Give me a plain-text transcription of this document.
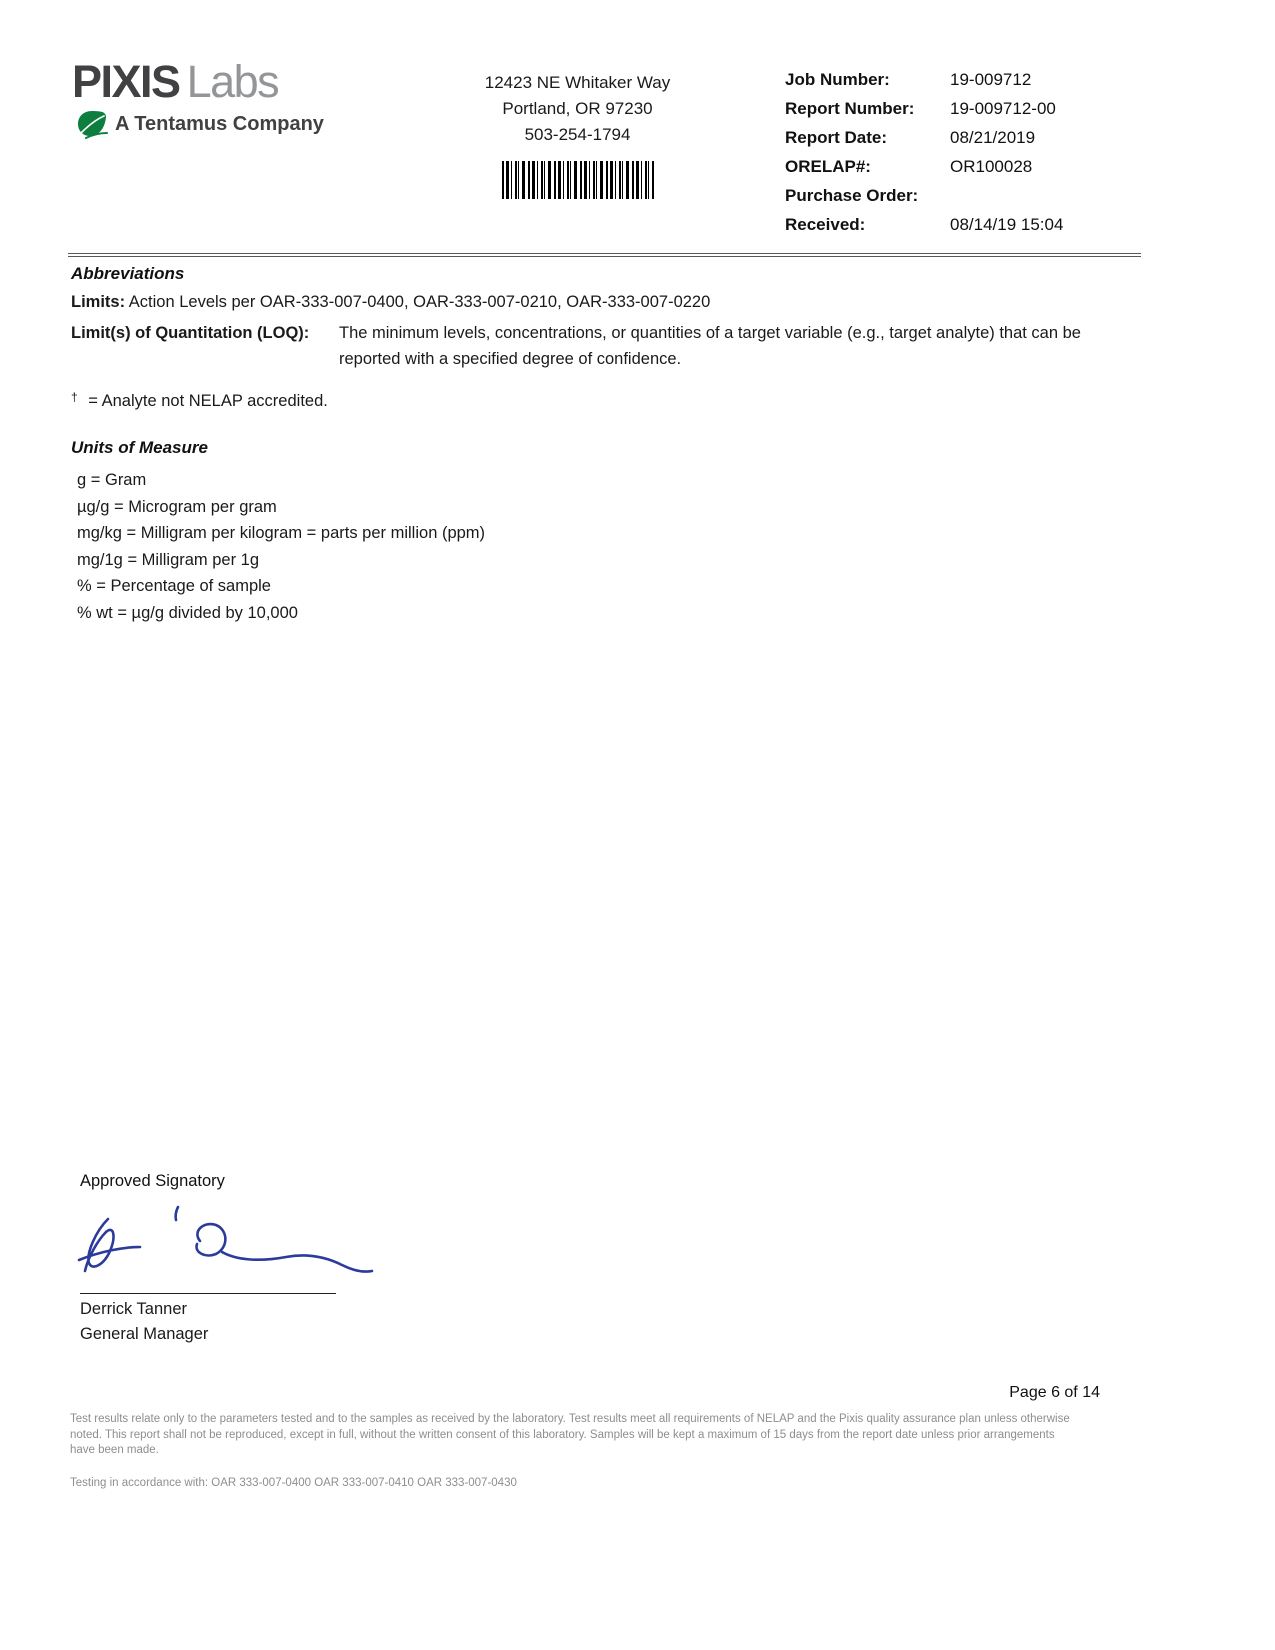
PIXIS Labs
A Tentamus Company
12423 NE Whitaker Way
Portland, OR 97230
503-254-1794
Job Number:	19-009712
Report Number:	19-009712-00
Report Date:	08/21/2019
ORELAP#:	OR100028
Purchase Order:
Received:	08/14/19 15:04
Abbreviations
Limits: Action Levels per OAR-333-007-0400, OAR-333-007-0210, OAR-333-007-0220
Limit(s) of Quantitation (LOQ):	The minimum levels, concentrations, or quantities of a target variable (e.g., target analyte) that can be reported with a specified degree of confidence.
† = Analyte not NELAP accredited.
Units of Measure
g = Gram
µg/g = Microgram per gram
mg/kg = Milligram per kilogram = parts per million (ppm)
mg/1g = Milligram per 1g
% = Percentage of sample
% wt = µg/g divided by 10,000
Approved Signatory
Derrick Tanner
General Manager
Page 6 of 14
Test results relate only to the parameters tested and to the samples as received by the laboratory. Test results meet all requirements of NELAP and the Pixis quality assurance plan unless otherwise noted. This report shall not be reproduced, except in full, without the written consent of this laboratory. Samples will be kept a maximum of 15 days from the report date unless prior arrangements have been made.
Testing in accordance with: OAR 333-007-0400 OAR 333-007-0410 OAR 333-007-0430
